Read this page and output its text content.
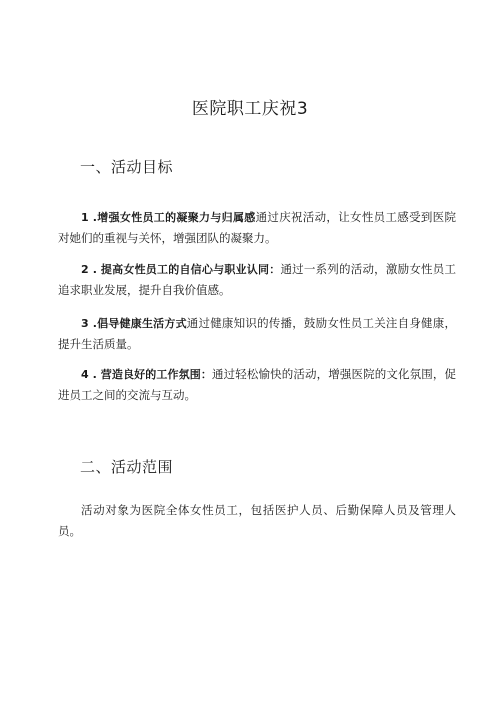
医院职工庆祝3
一、活动目标

1 .增强女性员工的凝聚力与归属感通过庆祝活动，让女性员工感受到医院对她们的重视与关怀，增强团队的凝聚力。

2 . 提高女性员工的自信心与职业认同：通过一系列的活动，激励女性员工追求职业发展，提升自我价值感。

3 .倡导健康生活方式通过健康知识的传播，鼓励女性员工关注自身健康，提升生活质量。

4 . 营造良好的工作氛围：通过轻松愉快的活动，增强医院的文化氛围，促进员工之间的交流与互动。

二、活动范围

活动对象为医院全体女性员工，包括医护人员、后勤保障人员及管理人员。
